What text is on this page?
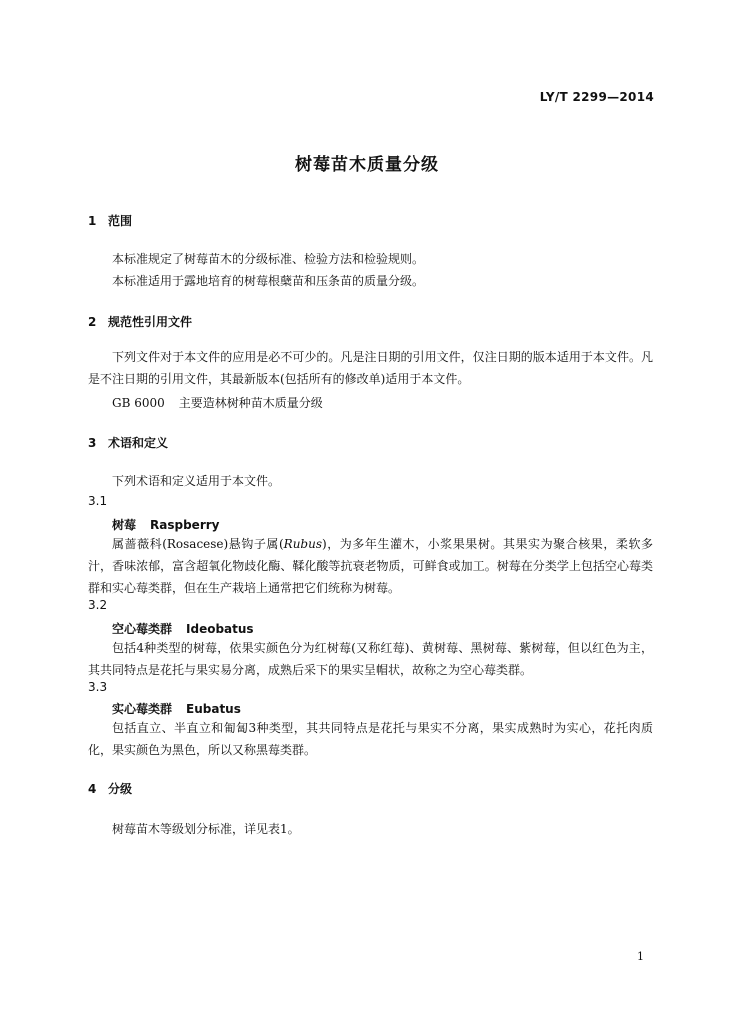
LY/T 2299—2014
树莓苗木质量分级
1 范围
本标准规定了树莓苗木的分级标准、检验方法和检验规则。
本标准适用于露地培育的树莓根蘖苗和压条苗的质量分级。
2 规范性引用文件
下列文件对于本文件的应用是必不可少的。凡是注日期的引用文件，仅注日期的版本适用于本文件。凡是不注日期的引用文件，其最新版本(包括所有的修改单)适用于本文件。
GB 6000 主要造林树种苗木质量分级
3 术语和定义
下列术语和定义适用于本文件。
3.1
树莓 Raspberry
属蔷薇科(Rosacese)悬钩子属(Rubus)，为多年生灌木，小浆果果树。其果实为聚合核果，柔软多汁，香味浓郁，富含超氧化物歧化酶、鞣化酸等抗衰老物质，可鲜食或加工。树莓在分类学上包括空心莓类群和实心莓类群，但在生产栽培上通常把它们统称为树莓。
3.2
空心莓类群 Ideobatus
包括4种类型的树莓，依果实颜色分为红树莓(又称红莓)、黄树莓、黑树莓、紫树莓，但以红色为主，其共同特点是花托与果实易分离，成熟后采下的果实呈帽状，故称之为空心莓类群。
3.3
实心莓类群 Eubatus
包括直立、半直立和匍匐3种类型，其共同特点是花托与果实不分离，果实成熟时为实心，花托肉质化，果实颜色为黑色，所以又称黑莓类群。
4 分级
树莓苗木等级划分标准，详见表1。
1
